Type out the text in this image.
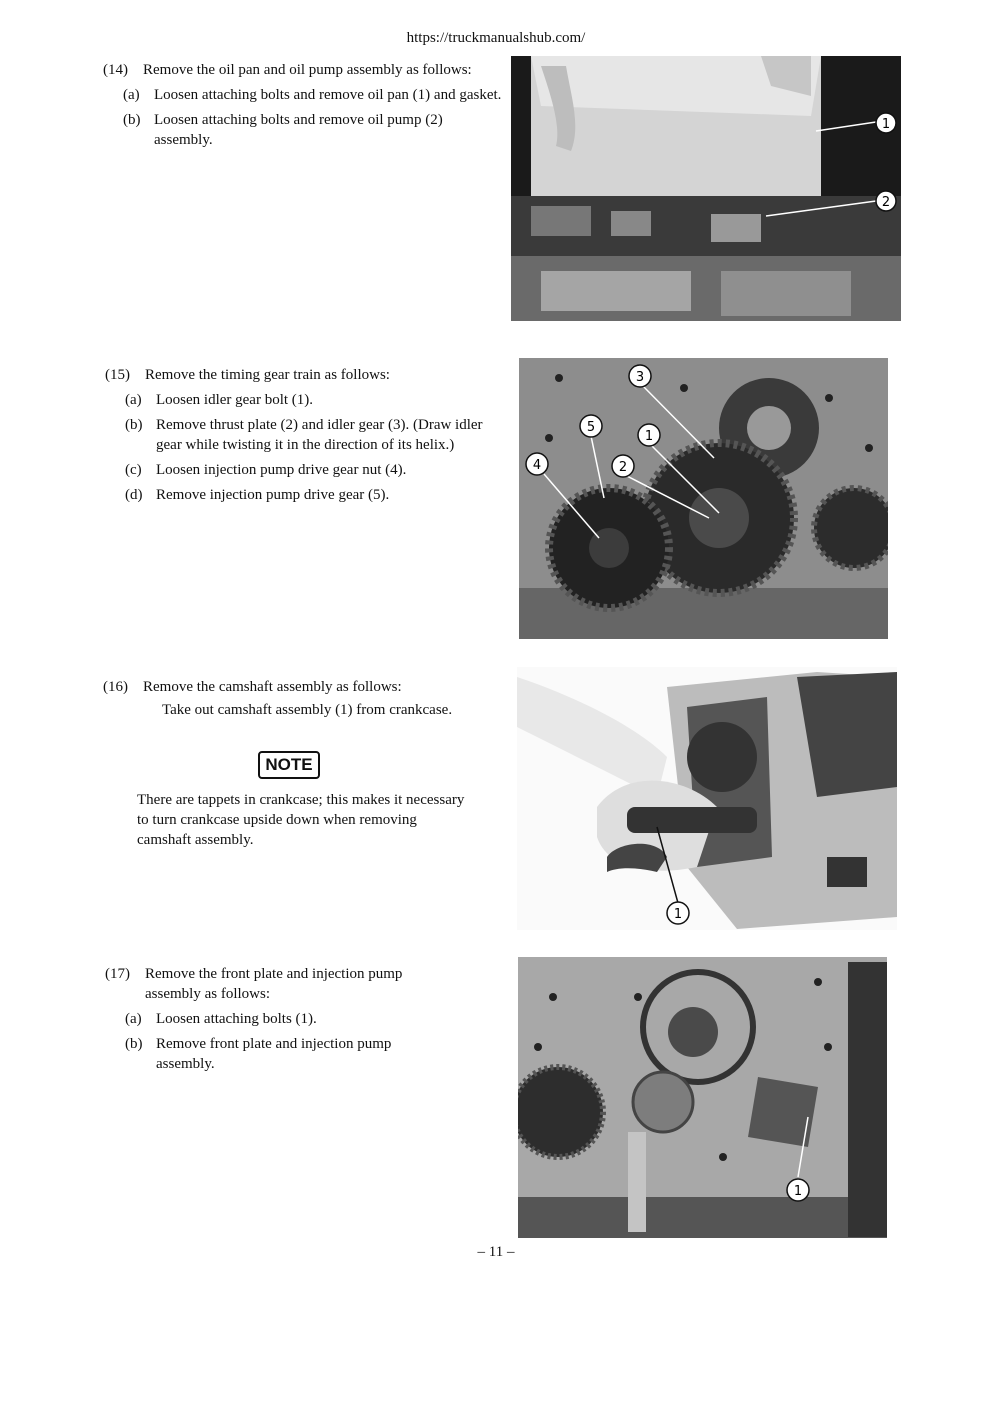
https://truckmanualshub.com/
(14)	Remove the oil pan and oil pump assembly as follows:
(a) Loosen attaching bolts and remove oil pan (1) and gasket.
(b) Loosen attaching bolts and remove oil pump (2) assembly.
1
2
(15)	Remove the timing gear train as follows:
(a) Loosen idler gear bolt (1).
(b) Remove thrust plate (2) and idler gear (3). (Draw idler gear while twisting it in the direction of its helix.)
(c) Loosen injection pump drive gear nut (4).
(d) Remove injection pump drive gear (5).
3
5
1
4	2
(16)	Remove the camshaft assembly as follows:
Take out camshaft assembly (1) from crankcase.
NOTE
There are tappets in crankcase; this makes it necessary to turn crankcase upside down when removing camshaft assembly.
1
(17)	Remove the front plate and injection pump assembly as follows:
(a) Loosen attaching bolts (1).
(b) Remove front plate and injection pump assembly.
1
– 11 –
